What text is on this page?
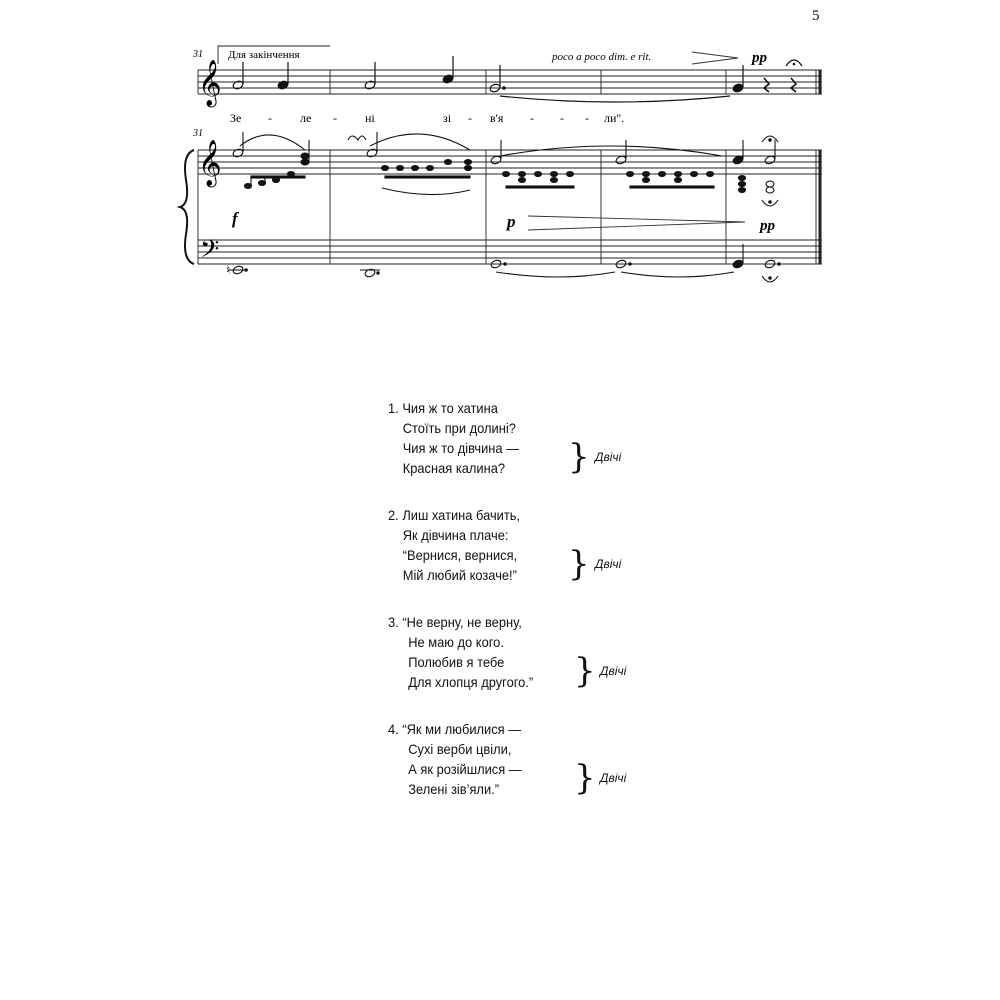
5
𝄞
31 Для закінчення	poco a poco dim. e rit.	pp
Зе - ле - ні	зі - в'я - - - ли".
31
𝄞
𝄢
f	p	pp
♮
1. Чия ж то хатина
Стоїть при долині?
Чия ж то дівчина —
Красная калина?	} Двічі
2. Лиш хатина бачить,
Як дівчина плаче:
“Вернися, вернися,
Мій любий козаче!”	} Двічі
3. “Не верну, не верну,
Не маю до кого.
Полюбив я тебе
Для хлопця другого.” } Двічі
4. “Як ми любилися —
Сухі верби цвіли,
А як розійшлися —
Зелені зів’яли.”	} Двічі
